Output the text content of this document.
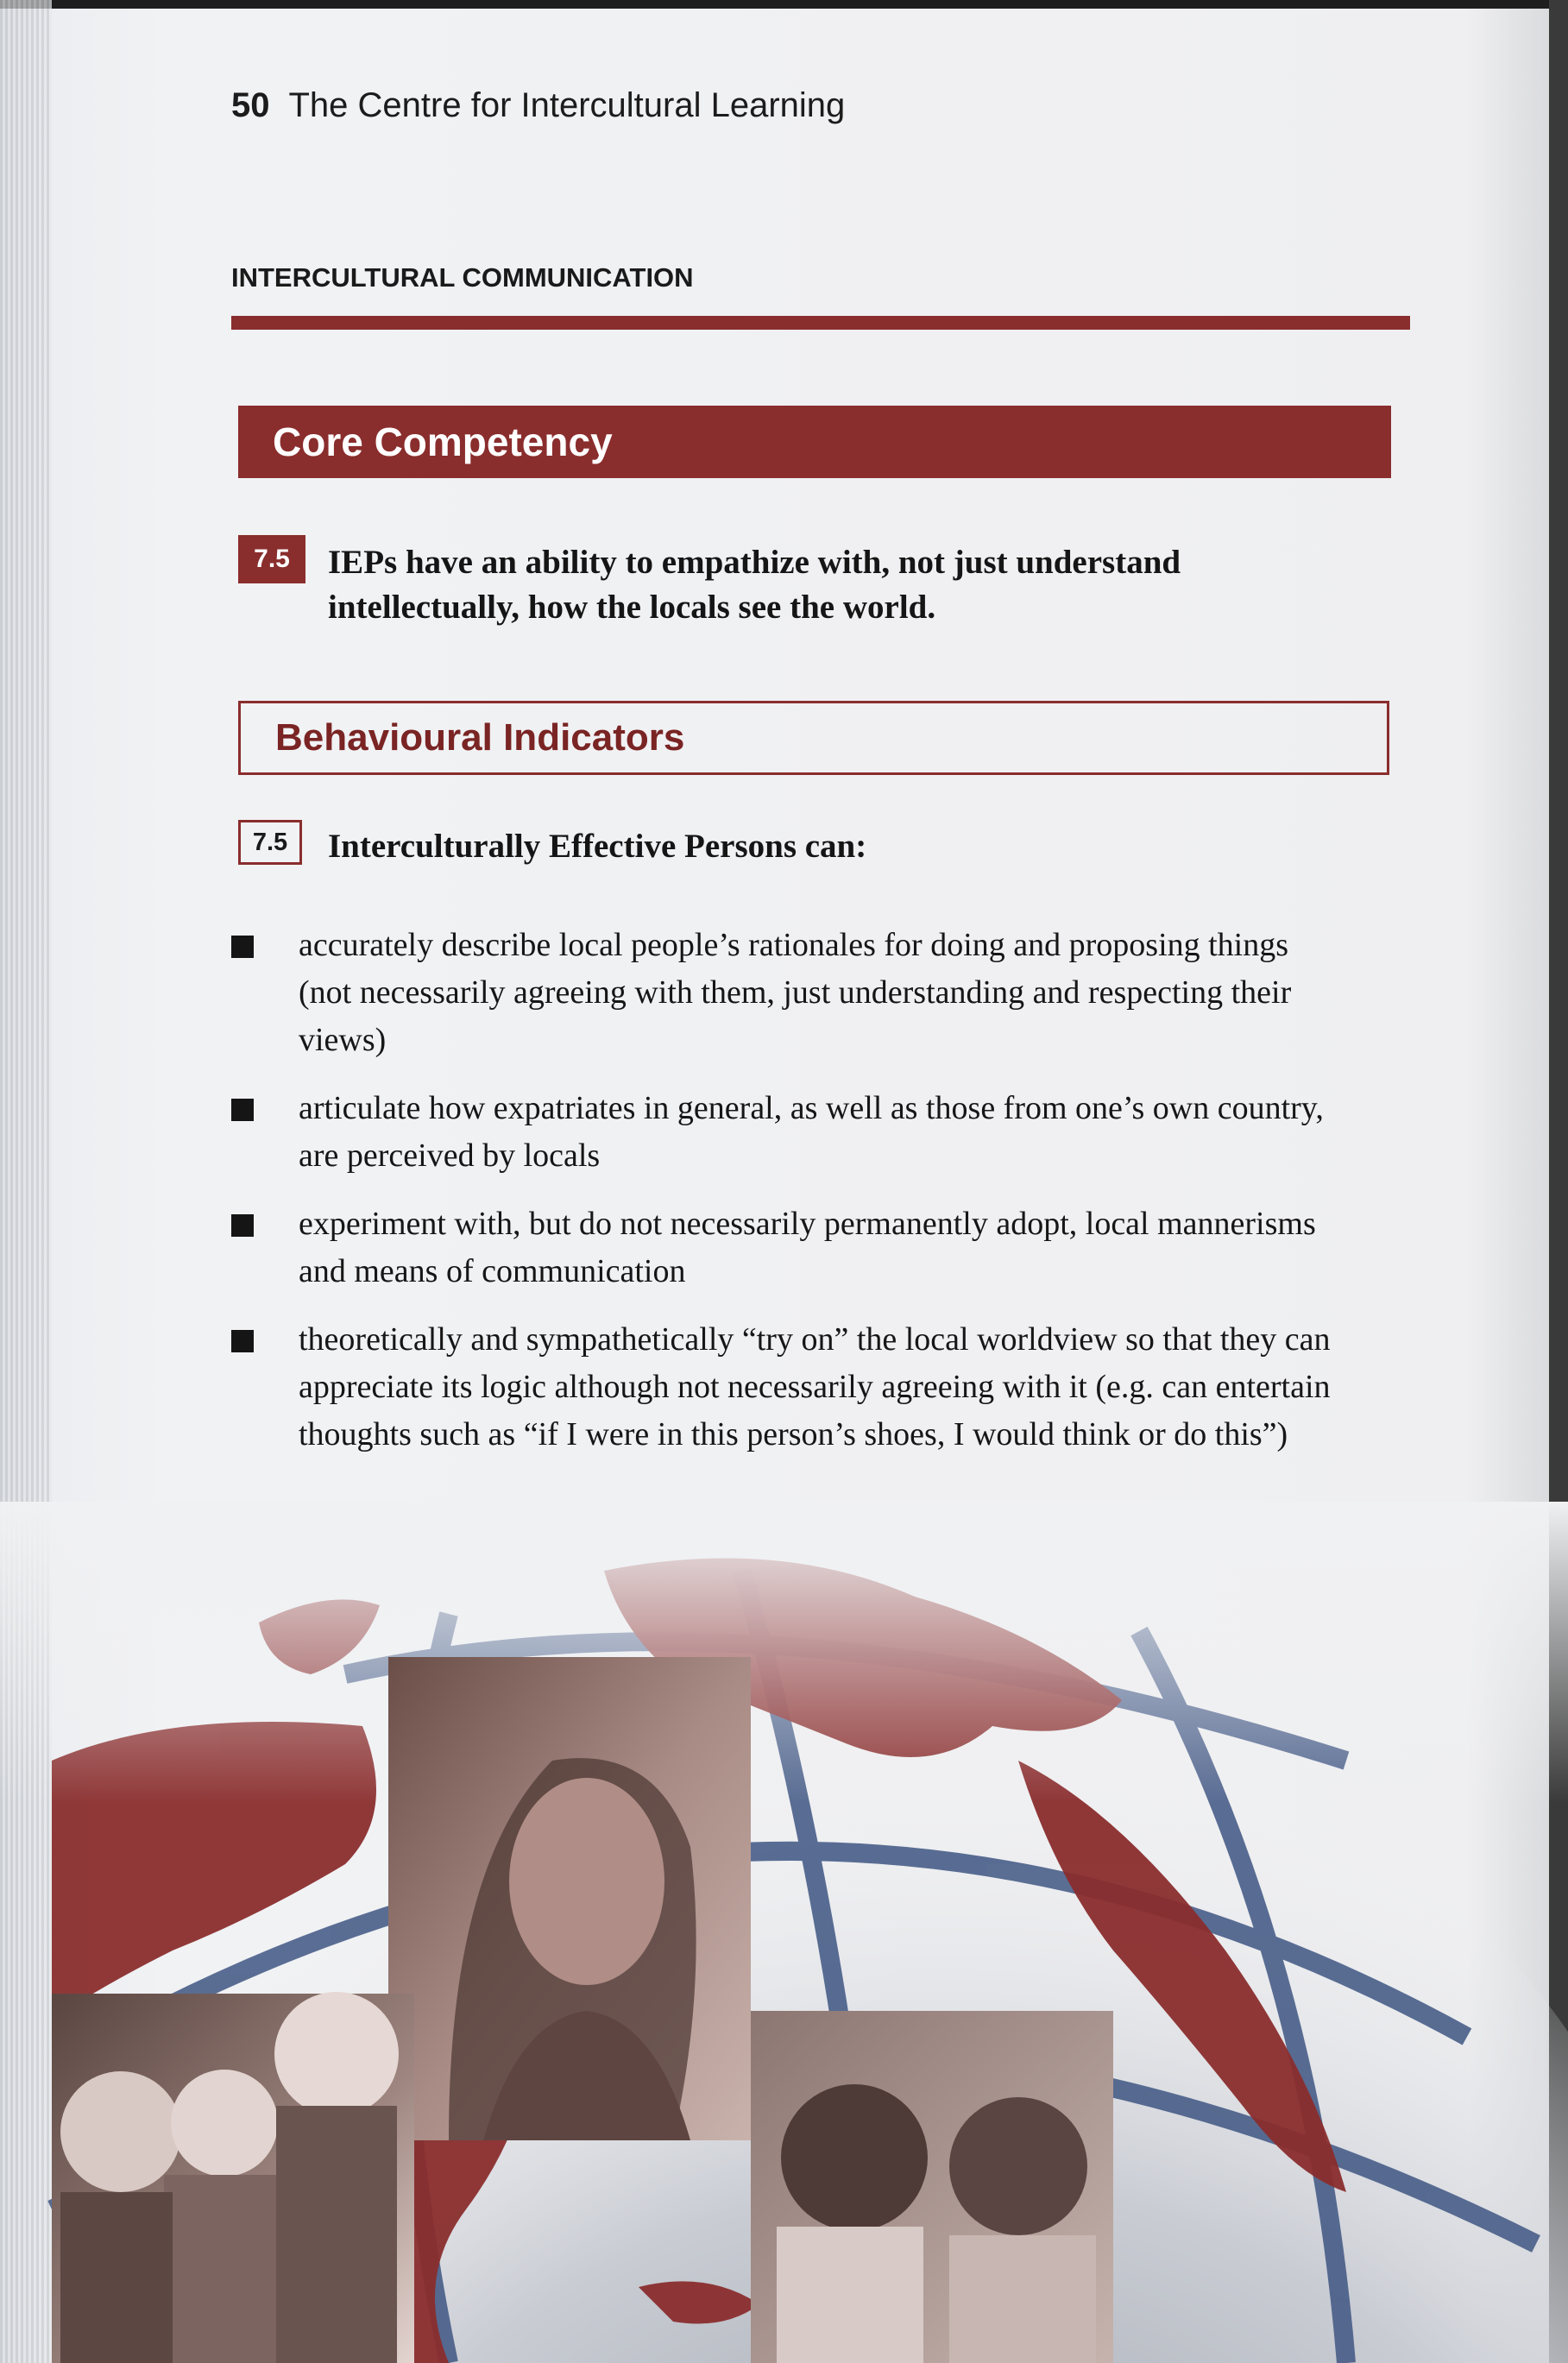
50 The Centre for Intercultural Learning
INTERCULTURAL COMMUNICATION
Core Competency
7.5	IEPs have an ability to empathize with, not just understand intellectually, how the locals see the world.
Behavioural Indicators
7.5	Interculturally Effective Persons can:
accurately describe local people’s rationales for doing and proposing things (not necessarily agreeing with them, just understanding and respecting their views)
articulate how expatriates in general, as well as those from one’s own country, are perceived by locals
experiment with, but do not necessarily permanently adopt, local mannerisms and means of communication
theoretically and sympathetically “try on” the local worldview so that they can appreciate its logic although not necessarily agreeing with it (e.g. can entertain thoughts such as “if I were in this person’s shoes, I would think or do this”)
